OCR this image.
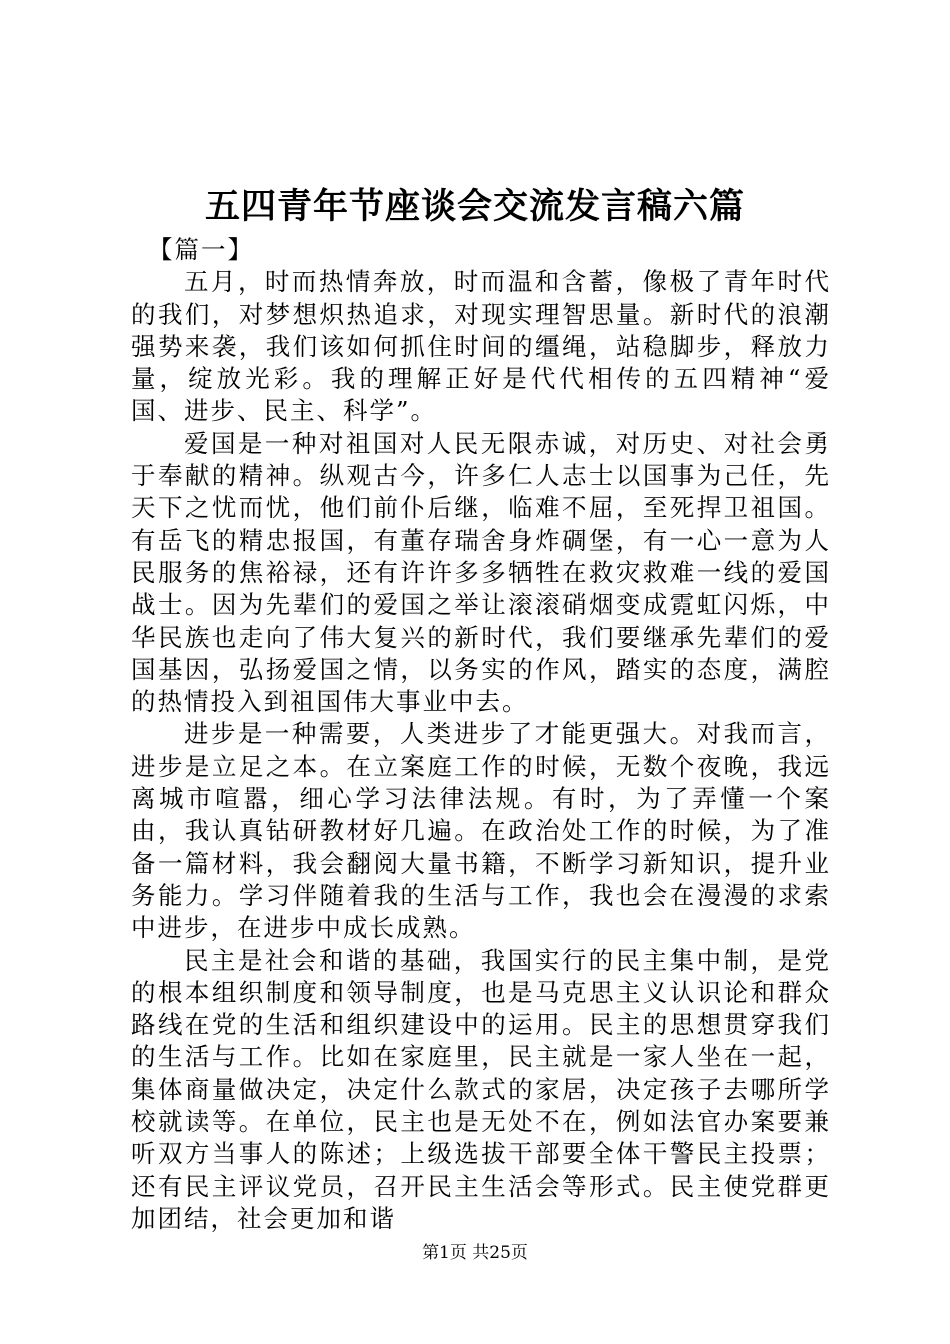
五四青年节座谈会交流发言稿六篇

【篇一】

五月，时而热情奔放，时而温和含蓄，像极了青年时代的我们，对梦想炽热追求，对现实理智思量。新时代的浪潮强势来袭，我们该如何抓住时间的缰绳，站稳脚步，释放力量，绽放光彩。我的理解正好是代代相传的五四精神“爱国、进步、民主、科学”。

爱国是一种对祖国对人民无限赤诚，对历史、对社会勇于奉献的精神。纵观古今，许多仁人志士以国事为己任，先天下之忧而忧，他们前仆后继，临难不屈，至死捍卫祖国。有岳飞的精忠报国，有董存瑞舍身炸碉堡，有一心一意为人民服务的焦裕禄，还有许许多多牺牲在救灾救难一线的爱国战士。因为先辈们的爱国之举让滚滚硝烟变成霓虹闪烁，中华民族也走向了伟大复兴的新时代，我们要继承先辈们的爱国基因，弘扬爱国之情，以务实的作风，踏实的态度，满腔的热情投入到祖国伟大事业中去。

进步是一种需要，人类进步了才能更强大。对我而言，进步是立足之本。在立案庭工作的时候，无数个夜晚，我远离城市喧嚣，细心学习法律法规。有时，为了弄懂一个案由，我认真钻研教材好几遍。在政治处工作的时候，为了准备一篇材料，我会翻阅大量书籍，不断学习新知识，提升业务能力。学习伴随着我的生活与工作，我也会在漫漫的求索中进步，在进步中成长成熟。

民主是社会和谐的基础，我国实行的民主集中制，是党的根本组织制度和领导制度，也是马克思主义认识论和群众路线在党的生活和组织建设中的运用。民主的思想贯穿我们的生活与工作。比如在家庭里，民主就是一家人坐在一起，集体商量做决定，决定什么款式的家居，决定孩子去哪所学校就读等。在单位，民主也是无处不在，例如法官办案要兼听双方当事人的陈述；上级选拔干部要全体干警民主投票；还有民主评议党员，召开民主生活会等形式。民主使党群更加团结，社会更加和谐

第1页 共25页
